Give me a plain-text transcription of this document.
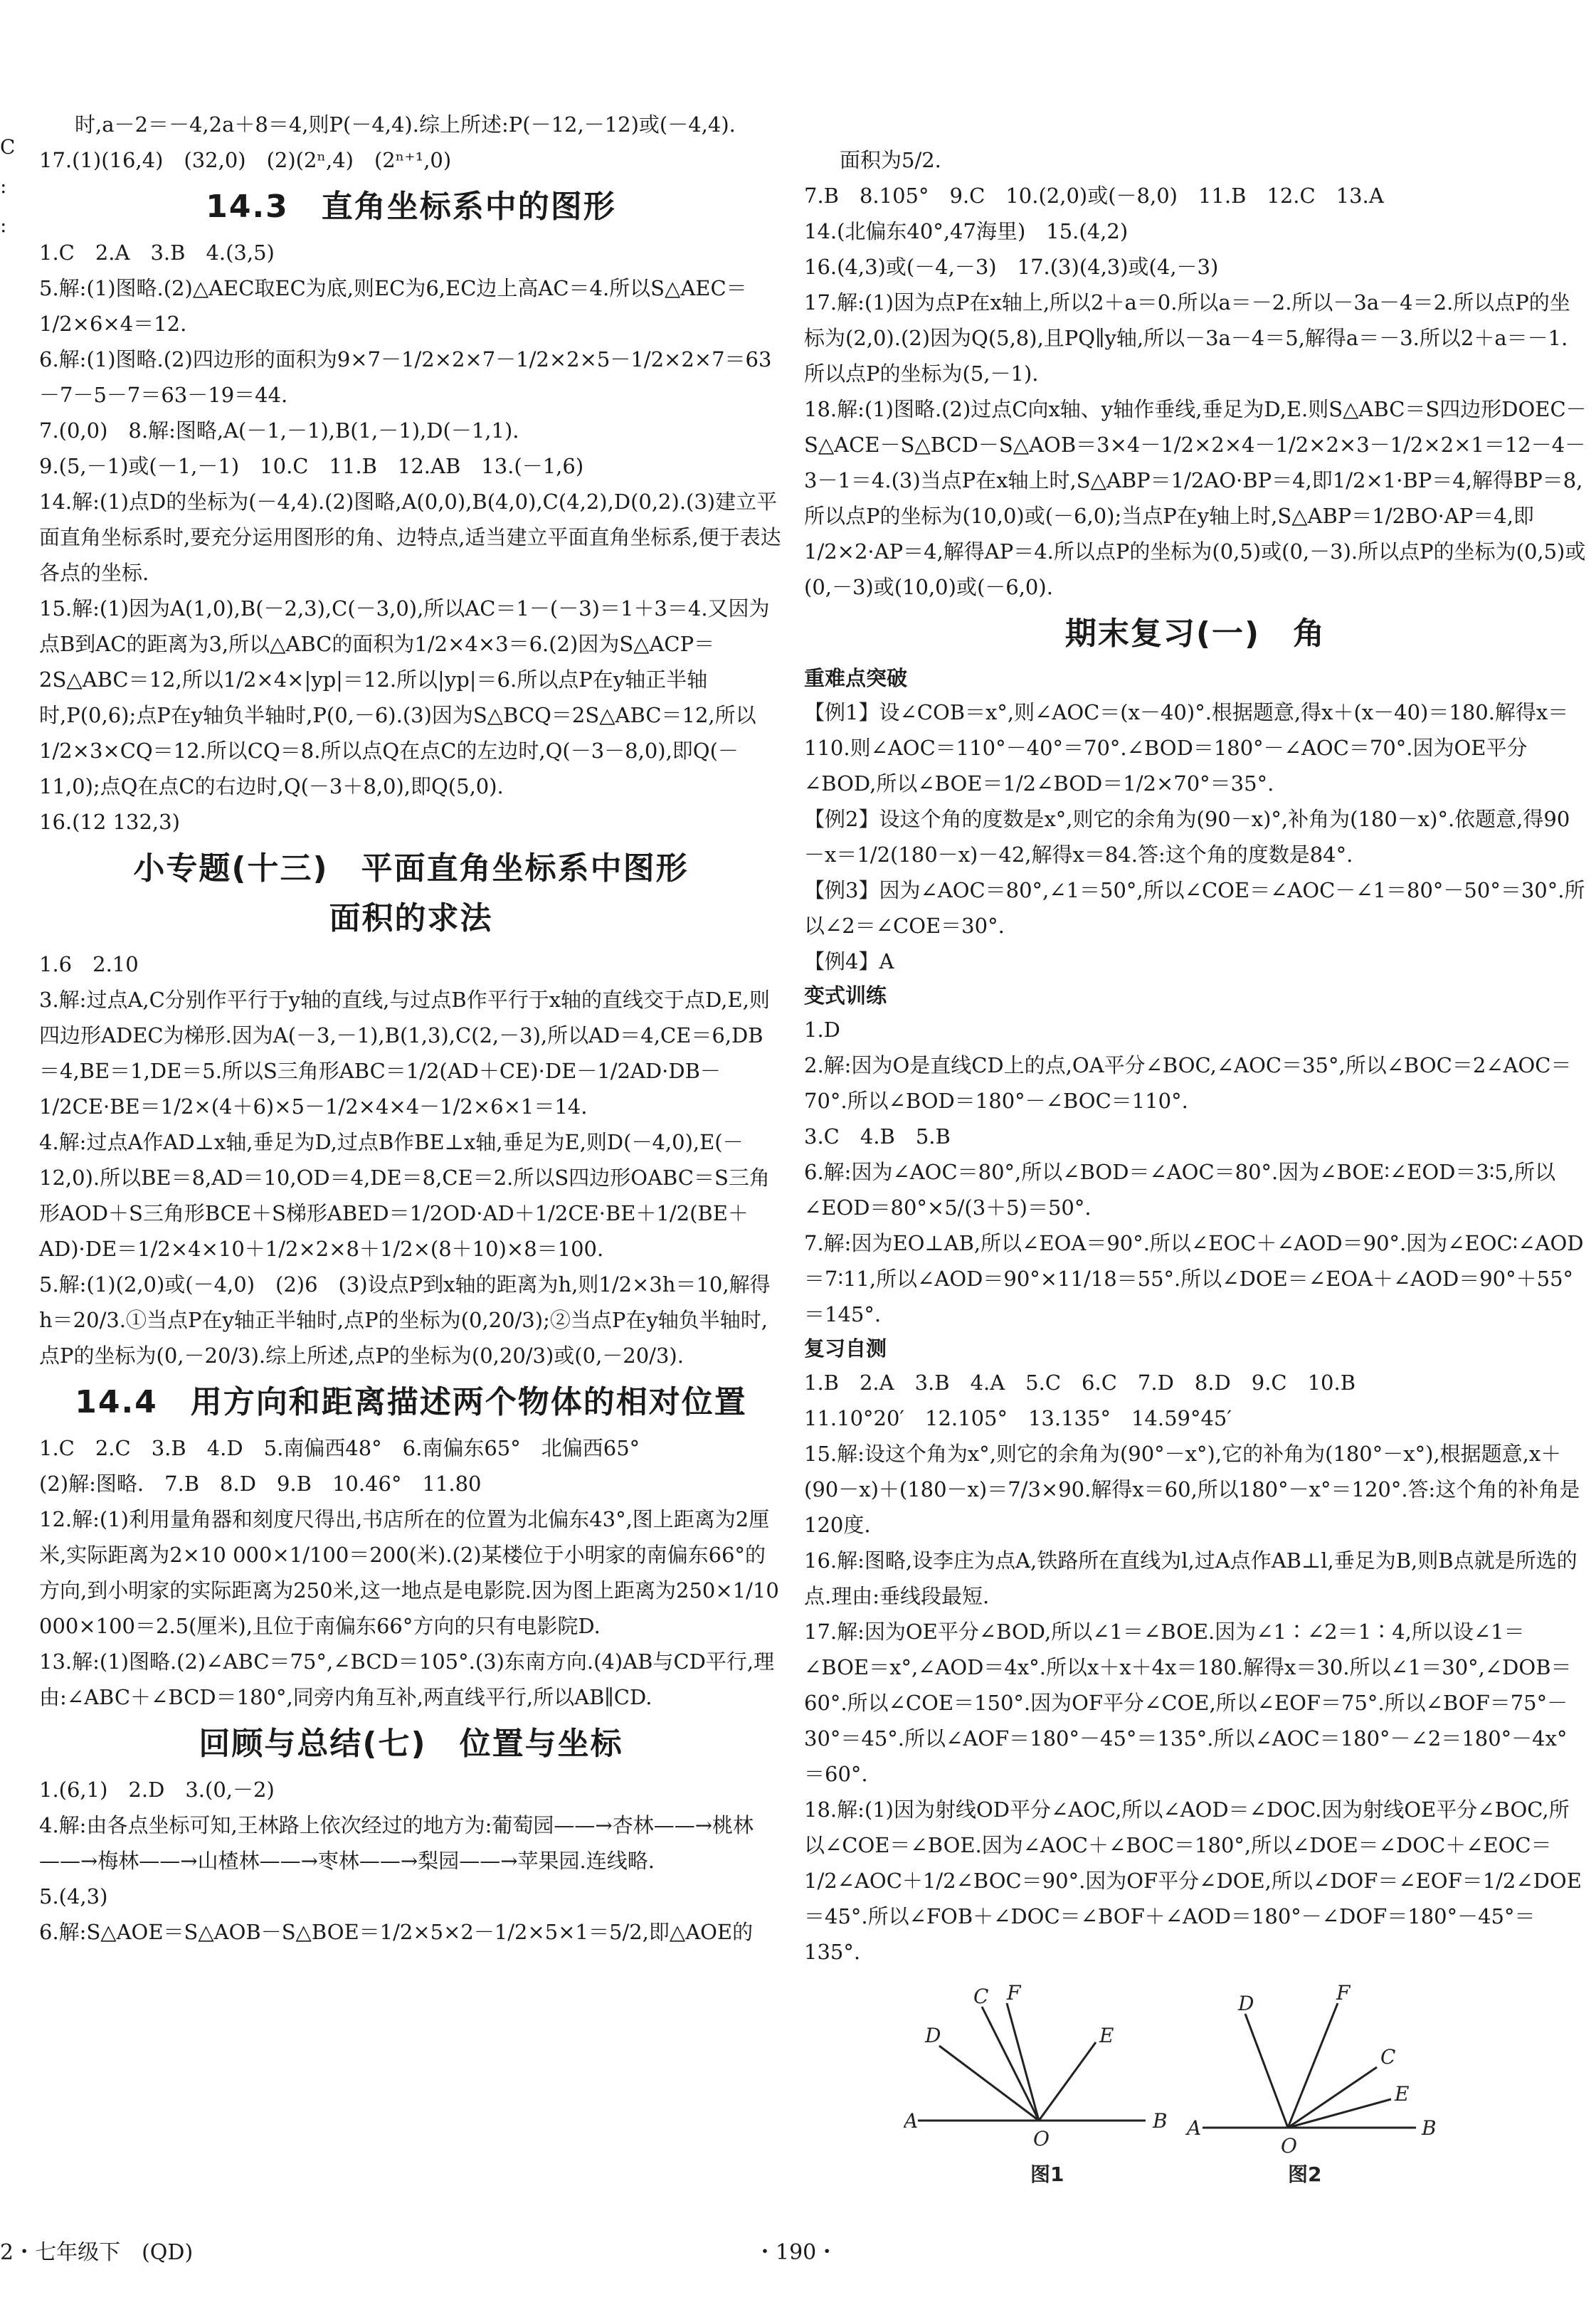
时,a－2＝－4,2a＋8＝4,则P(－4,4).综上所述:P(－12,－12)或(－4,4).
17.(1)(16,4)　(32,0)　(2)(2ⁿ,4)　(2ⁿ⁺¹,0)
14.3　直角坐标系中的图形
1.C　2.A　3.B　4.(3,5)
5.解:(1)图略.(2)△AEC取EC为底,则EC为6,EC边上高AC＝4.所以S△AEC＝1/2×6×4＝12.
6.解:(1)图略.(2)四边形的面积为9×7－1/2×2×7－1/2×2×5－1/2×2×7＝63－7－5－7＝63－19＝44.
7.(0,0)　8.解:图略,A(－1,－1),B(1,－1),D(－1,1).
9.(5,－1)或(－1,－1)　10.C　11.B　12.AB　13.(－1,6)
14.解:(1)点D的坐标为(－4,4).(2)图略,A(0,0),B(4,0),C(4,2),D(0,2).(3)建立平面直角坐标系时,要充分运用图形的角、边特点,适当建立平面直角坐标系,便于表达各点的坐标.
15.解:(1)因为A(1,0),B(－2,3),C(－3,0),所以AC＝1－(－3)＝1＋3＝4.又因为点B到AC的距离为3,所以△ABC的面积为1/2×4×3＝6.(2)因为S△ACP＝2S△ABC＝12,所以1/2×4×|yp|＝12.所以|yp|＝6.所以点P在y轴正半轴时,P(0,6);点P在y轴负半轴时,P(0,－6).(3)因为S△BCQ＝2S△ABC＝12,所以1/2×3×CQ＝12.所以CQ＝8.所以点Q在点C的左边时,Q(－3－8,0),即Q(－11,0);点Q在点C的右边时,Q(－3＋8,0),即Q(5,0).
16.(12 132,3)
小专题(十三)　平面直角坐标系中图形
面积的求法
1.6　2.10
3.解:过点A,C分别作平行于y轴的直线,与过点B作平行于x轴的直线交于点D,E,则四边形ADEC为梯形.因为A(－3,－1),B(1,3),C(2,－3),所以AD＝4,CE＝6,DB＝4,BE＝1,DE＝5.所以S三角形ABC＝1/2(AD＋CE)·DE－1/2AD·DB－1/2CE·BE＝1/2×(4＋6)×5－1/2×4×4－1/2×6×1＝14.
4.解:过点A作AD⊥x轴,垂足为D,过点B作BE⊥x轴,垂足为E,则D(－4,0),E(－12,0).所以BE＝8,AD＝10,OD＝4,DE＝8,CE＝2.所以S四边形OABC＝S三角形AOD＋S三角形BCE＋S梯形ABED＝1/2OD·AD＋1/2CE·BE＋1/2(BE＋AD)·DE＝1/2×4×10＋1/2×2×8＋1/2×(8＋10)×8＝100.
5.解:(1)(2,0)或(－4,0)　(2)6　(3)设点P到x轴的距离为h,则1/2×3h＝10,解得h＝20/3.①当点P在y轴正半轴时,点P的坐标为(0,20/3);②当点P在y轴负半轴时,点P的坐标为(0,－20/3).综上所述,点P的坐标为(0,20/3)或(0,－20/3).
14.4　用方向和距离描述两个物体的相对位置
1.C　2.C　3.B　4.D　5.南偏西48°　6.南偏东65°　北偏西65°
(2)解:图略.　7.B　8.D　9.B　10.46°　11.80
12.解:(1)利用量角器和刻度尺得出,书店所在的位置为北偏东43°,图上距离为2厘米,实际距离为2×10 000×1/100＝200(米).(2)某楼位于小明家的南偏东66°的方向,到小明家的实际距离为250米,这一地点是电影院.因为图上距离为250×1/10 000×100＝2.5(厘米),且位于南偏东66°方向的只有电影院D.
13.解:(1)图略.(2)∠ABC＝75°,∠BCD＝105°.(3)东南方向.(4)AB与CD平行,理由:∠ABC＋∠BCD＝180°,同旁内角互补,两直线平行,所以AB∥CD.
回顾与总结(七)　位置与坐标
1.(6,1)　2.D　3.(0,－2)
4.解:由各点坐标可知,王林路上依次经过的地方为:葡萄园——→杏林——→桃林——→梅林——→山楂林——→枣林——→梨园——→苹果园.连线略.
5.(4,3)
6.解:S△AOE＝S△AOB－S△BOE＝1/2×5×2－1/2×5×1＝5/2,即△AOE的
面积为5/2.
7.B　8.105°　9.C　10.(2,0)或(－8,0)　11.B　12.C　13.A
14.(北偏东40°,47海里)　15.(4,2)
16.(4,3)或(－4,－3)　17.(3)(4,3)或(4,－3)
17.解:(1)因为点P在x轴上,所以2＋a＝0.所以a＝－2.所以－3a－4＝2.所以点P的坐标为(2,0).(2)因为Q(5,8),且PQ∥y轴,所以－3a－4＝5,解得a＝－3.所以2＋a＝－1.所以点P的坐标为(5,－1).
18.解:(1)图略.(2)过点C向x轴、y轴作垂线,垂足为D,E.则S△ABC＝S四边形DOEC－S△ACE－S△BCD－S△AOB＝3×4－1/2×2×4－1/2×2×3－1/2×2×1＝12－4－3－1＝4.(3)当点P在x轴上时,S△ABP＝1/2AO·BP＝4,即1/2×1·BP＝4,解得BP＝8,所以点P的坐标为(10,0)或(－6,0);当点P在y轴上时,S△ABP＝1/2BO·AP＝4,即1/2×2·AP＝4,解得AP＝4.所以点P的坐标为(0,5)或(0,－3).所以点P的坐标为(0,5)或(0,－3)或(10,0)或(－6,0).
期末复习(一)　角
重难点突破
【例1】设∠COB＝x°,则∠AOC＝(x－40)°.根据题意,得x＋(x－40)＝180.解得x＝110.则∠AOC＝110°－40°＝70°.∠BOD＝180°－∠AOC＝70°.因为OE平分∠BOD,所以∠BOE＝1/2∠BOD＝1/2×70°＝35°.
【例2】设这个角的度数是x°,则它的余角为(90－x)°,补角为(180－x)°.依题意,得90－x＝1/2(180－x)－42,解得x＝84.答:这个角的度数是84°.
【例3】因为∠AOC＝80°,∠1＝50°,所以∠COE＝∠AOC－∠1＝80°－50°＝30°.所以∠2＝∠COE＝30°.
【例4】A
变式训练
1.D
2.解:因为O是直线CD上的点,OA平分∠BOC,∠AOC＝35°,所以∠BOC＝2∠AOC＝70°.所以∠BOD＝180°－∠BOC＝110°.
3.C　4.B　5.B
6.解:因为∠AOC＝80°,所以∠BOD＝∠AOC＝80°.因为∠BOE∶∠EOD＝3∶5,所以∠EOD＝80°×5/(3＋5)＝50°.
7.解:因为EO⊥AB,所以∠EOA＝90°.所以∠EOC＋∠AOD＝90°.因为∠EOC∶∠AOD＝7∶11,所以∠AOD＝90°×11/18＝55°.所以∠DOE＝∠EOA＋∠AOD＝90°＋55°＝145°.
复习自测
1.B　2.A　3.B　4.A　5.C　6.C　7.D　8.D　9.C　10.B
11.10°20′　12.105°　13.135°　14.59°45′
15.解:设这个角为x°,则它的余角为(90°－x°),它的补角为(180°－x°),根据题意,x＋(90－x)＋(180－x)＝7/3×90.解得x＝60,所以180°－x°＝120°.答:这个角的补角是120度.
16.解:图略,设李庄为点A,铁路所在直线为l,过A点作AB⊥l,垂足为B,则B点就是所选的点.理由:垂线段最短.
17.解:因为OE平分∠BOD,所以∠1＝∠BOE.因为∠1∶∠2＝1∶4,所以设∠1＝∠BOE＝x°,∠AOD＝4x°.所以x＋x＋4x＝180.解得x＝30.所以∠1＝30°,∠DOB＝60°.所以∠COE＝150°.因为OF平分∠COE,所以∠EOF＝75°.所以∠BOF＝75°－30°＝45°.所以∠AOF＝180°－45°＝135°.所以∠AOC＝180°－∠2＝180°－4x°＝60°.
18.解:(1)因为射线OD平分∠AOC,所以∠AOD＝∠DOC.因为射线OE平分∠BOC,所以∠COE＝∠BOE.因为∠AOC＋∠BOC＝180°,所以∠DOE＝∠DOC＋∠EOC＝1/2∠AOC＋1/2∠BOC＝90°.因为OF平分∠DOE,所以∠DOF＝∠EOF＝1/2∠DOE＝45°.所以∠FOB＋∠DOC＝∠BOF＋∠AOD＝180°－∠DOF＝180°－45°＝135°.
A	B
O
C F
D	E
图1
A	B
O
D	F
C
E
图2
2・七年级下　(QD)	・190・
C
:
:
